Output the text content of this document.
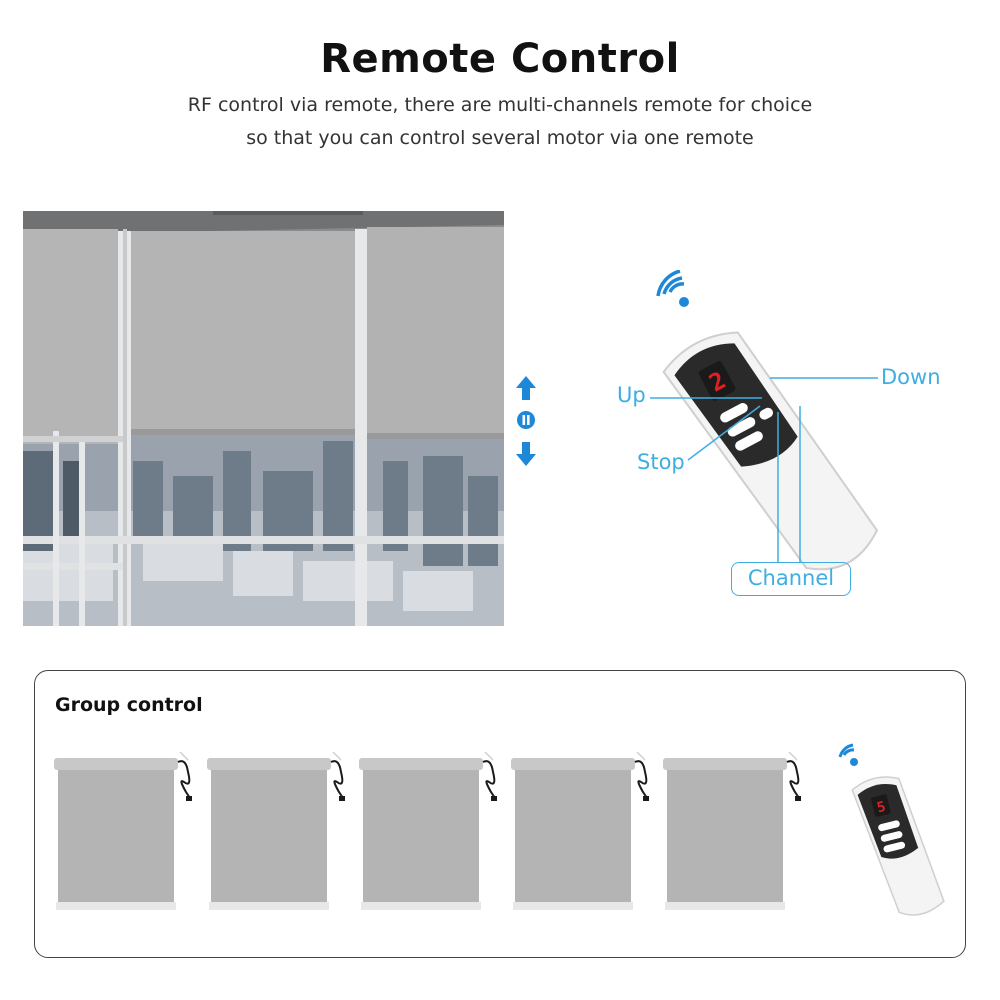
Remote Control
RF control via remote, there are multi-channels remote for choice
so that you can control several motor via one remote
2
Up
Stop
Down
Channel
Group control
5
